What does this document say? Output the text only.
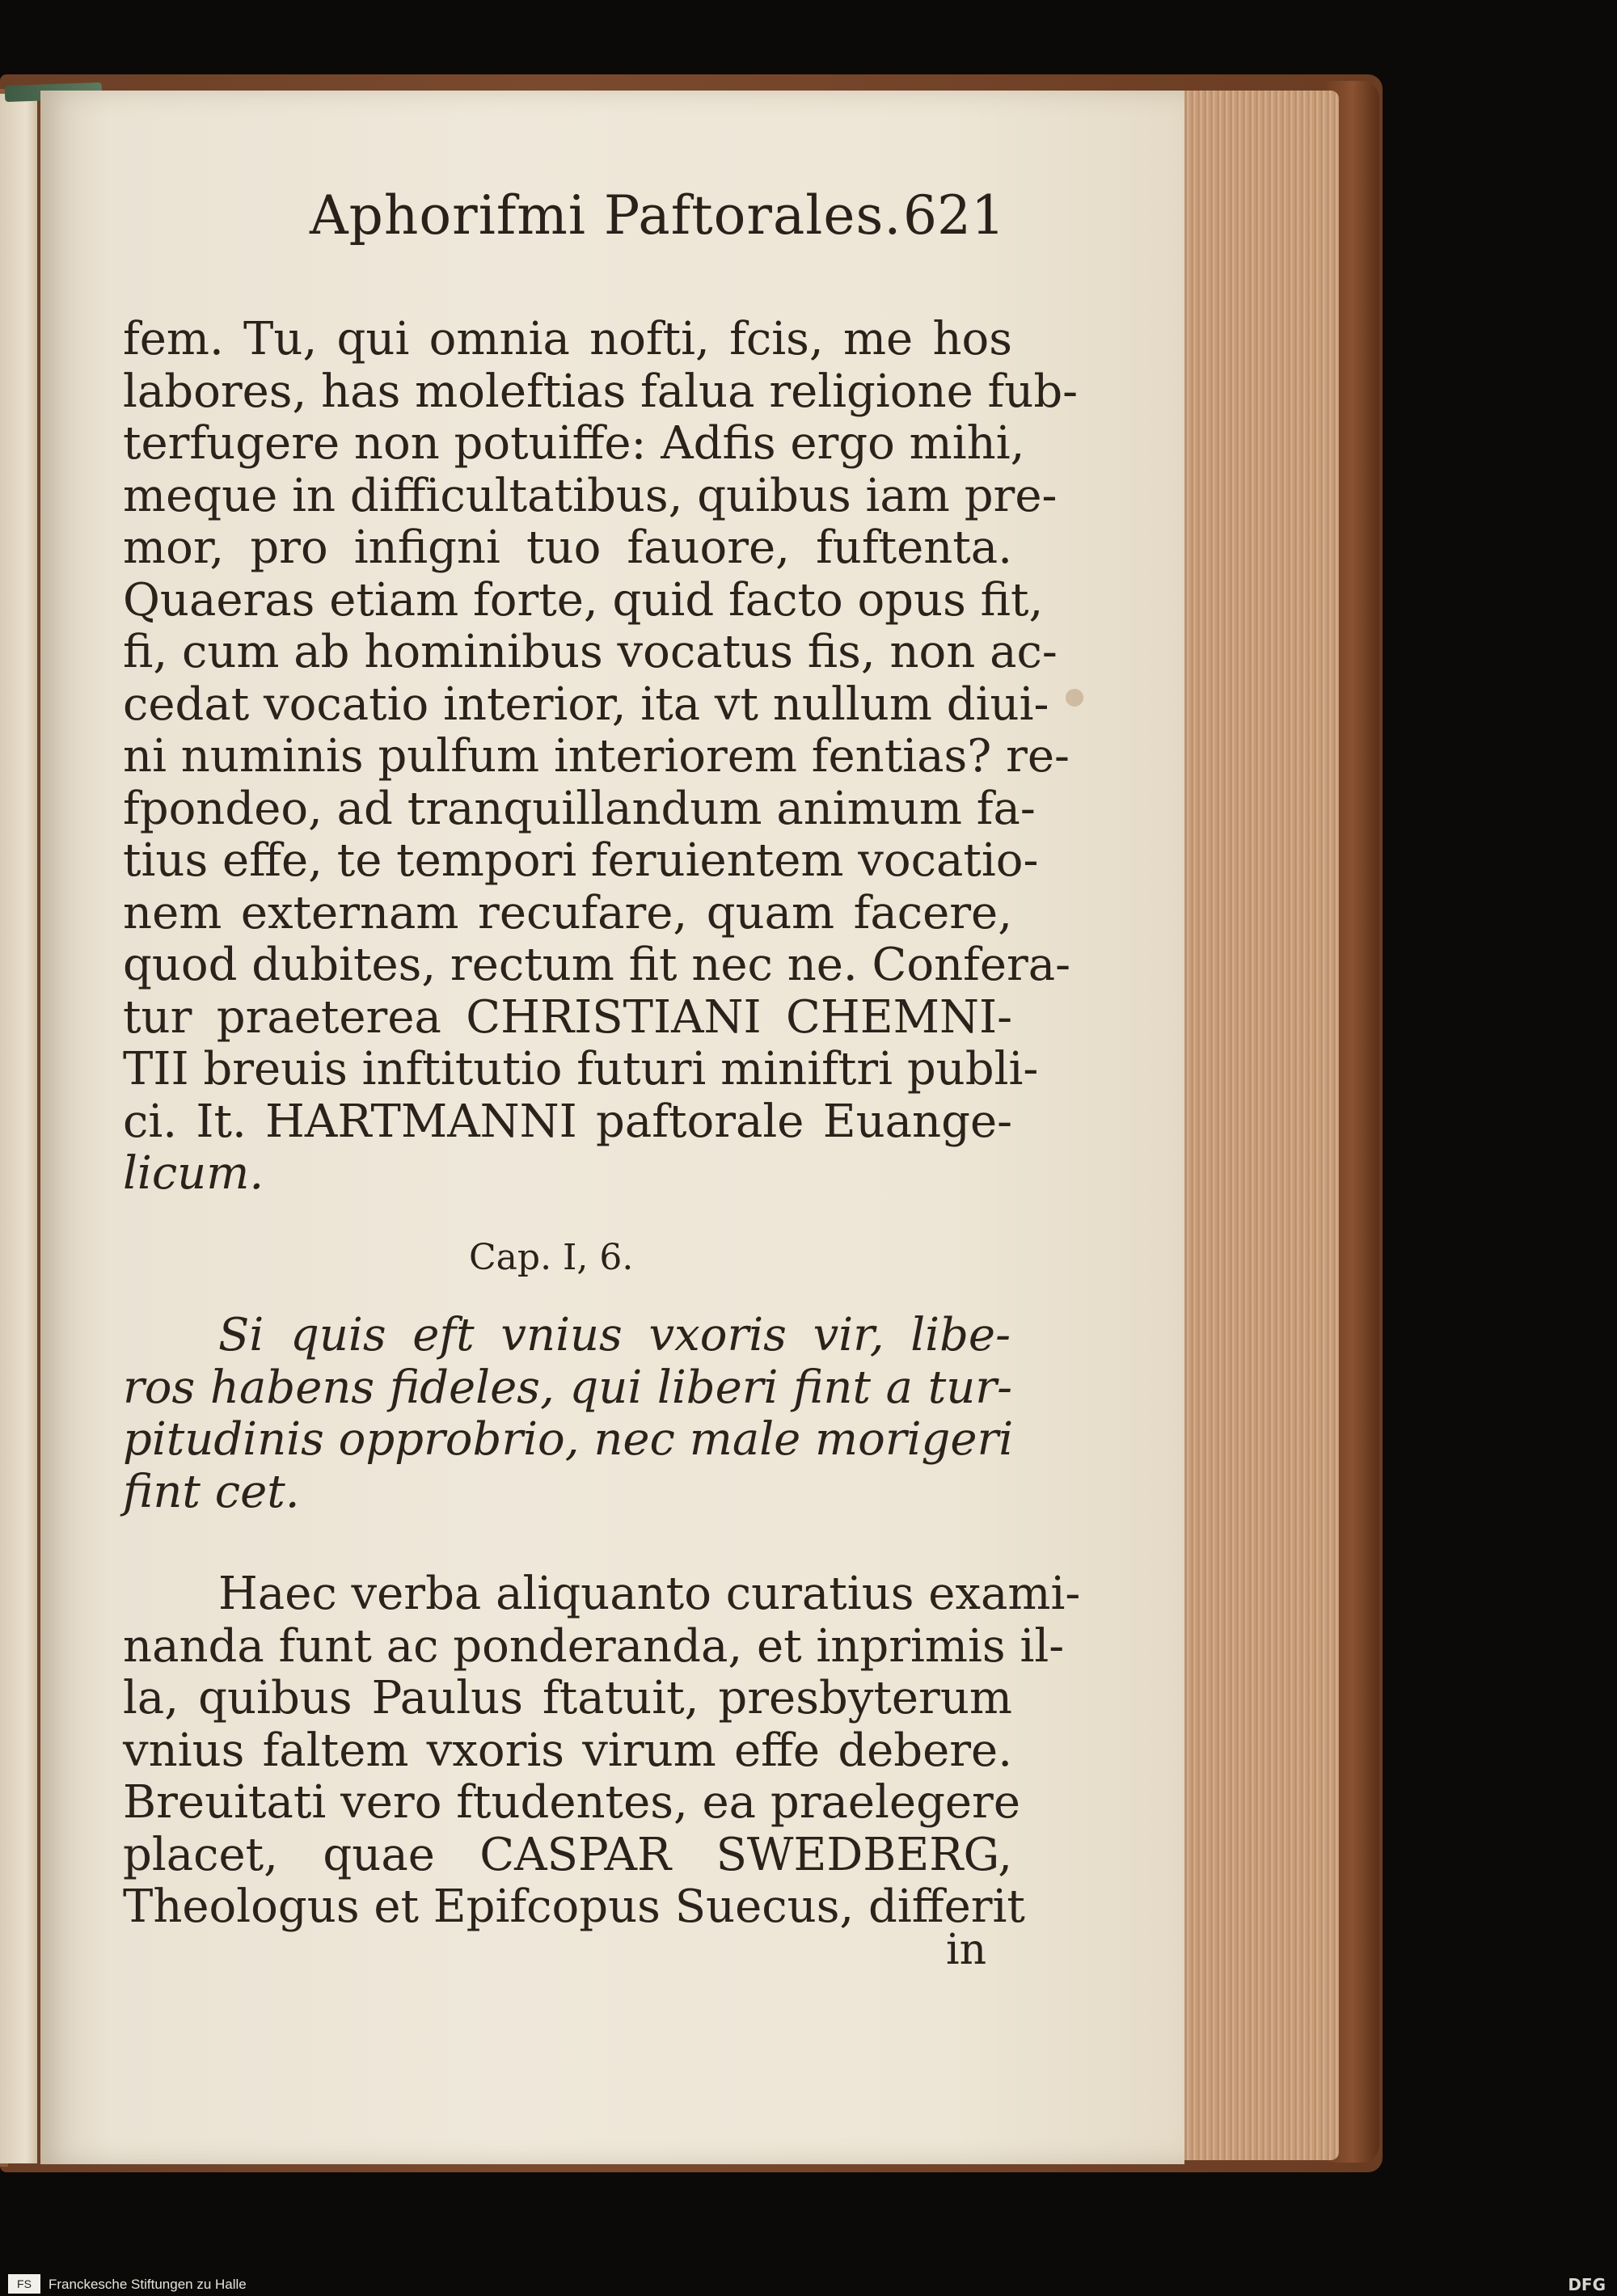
Aphorifmi Paftorales. 621
fem. Tu, qui omnia nofti, fcis, me hos
labores, has moleftias falua religione fub-
terfugere non potuiffe: Adfis ergo mihi,
meque in difficultatibus, quibus iam pre-
mor, pro infigni tuo fauore, fuftenta.
Quaeras etiam forte, quid facto opus fit,
fi, cum ab hominibus vocatus fis, non ac-
cedat vocatio interior, ita vt nullum diui-
ni numinis pulfum interiorem fentias? re-
fpondeo, ad tranquillandum animum fa-
tius effe, te tempori feruientem vocatio-
nem externam recufare, quam facere,
quod dubites, rectum fit nec ne. Confera-
tur praeterea CHRISTIANI CHEMNI-
TII breuis inftitutio futuri miniftri publi-
ci. It. HARTMANNI paftorale Euange-
licum.
Cap. I, 6.
Si quis eft vnius vxoris vir, libe-
ros habens fideles, qui liberi fint a tur-
pitudinis opprobrio, nec male morigeri
fint cet.
Haec verba aliquanto curatius exami-
nanda funt ac ponderanda, et inprimis il-
la, quibus Paulus ftatuit, presbyterum
vnius faltem vxoris virum effe debere.
Breuitati vero ftudentes, ea praelegere
placet, quae CASPAR SWEDBERG,
Theologus et Epifcopus Suecus, differit
in
FS	Franckesche Stiftungen zu Halle	DFG
